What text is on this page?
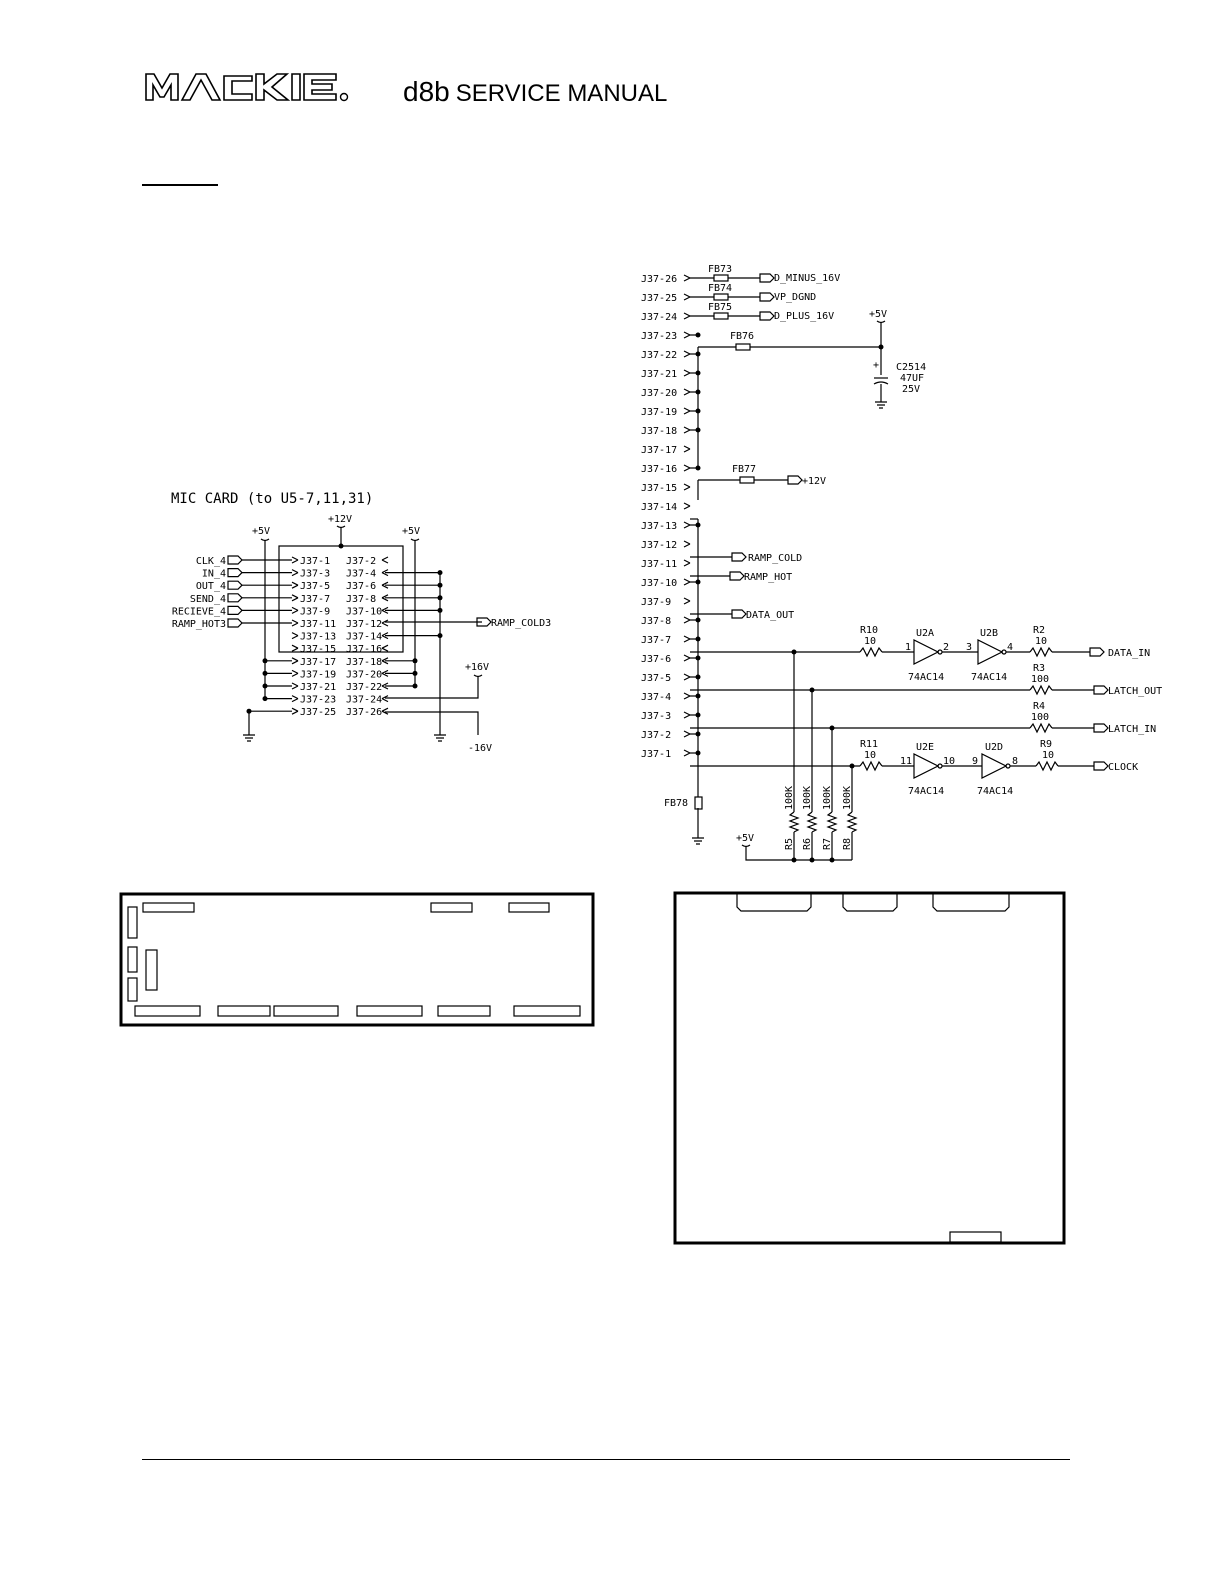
d8b SERVICE MANUAL
MIC CARD (to U5-7,11,31)
+5V
+12V
+5V
+16V
-16V
CLK_4
IN_4
OUT_4
SEND_4
RECIEVE_4
RAMP_HOT3
J37-1
J37-3
J37-5
J37-7
J37-9
J37-11
J37-13
J37-15
J37-17
J37-19
J37-21
J37-23
J37-25
J37-2
J37-4
J37-6
J37-8
J37-10
J37-12
J37-14
J37-16
J37-18
J37-20
J37-22
J37-24
J37-26
RAMP_COLD3
J37-26
J37-25
J37-24
J37-23
J37-22
J37-21
J37-20
J37-19
J37-18
J37-17
J37-16
J37-15
J37-14
J37-13
J37-12
J37-11
J37-10
J37-9
J37-8
J37-7
J37-6
J37-5
J37-4
J37-3
J37-2
J37-1
FB73
FB74
FB75
D_MINUS_16V
VP_DGND
D_PLUS_16V
FB76
+5V
+ C2514
47UF
25V
FB77
+12V
RAMP_COLD
RAMP_HOT
DATA_OUT
FB78
+5V
R10
10
R11
10
R2
10
R3
100
R4
100
R9
10
100K 100K 100K 100K
R5 R6 R7 R8
U2A
74AC14
1	2
U2B
74AC14
3	4
U2E
74AC14
11	10
U2D
74AC14
9	8
DATA_IN
LATCH_OUT
LATCH_IN
CLOCK
